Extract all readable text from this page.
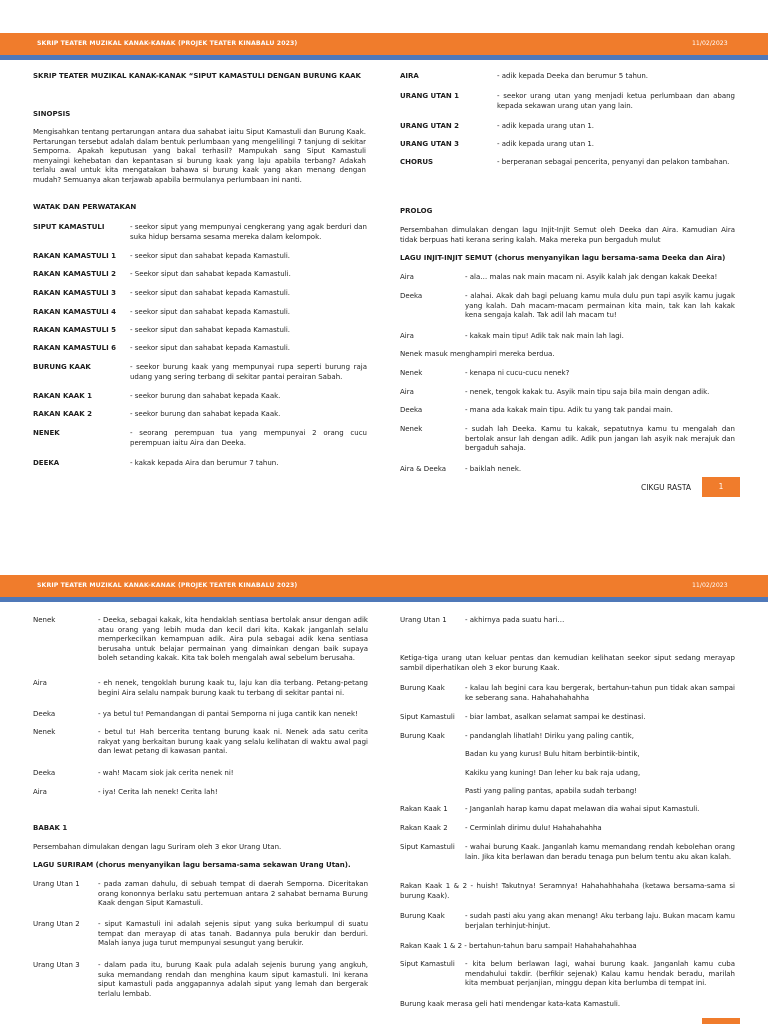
SKRIP TEATER MUZIKAL KANAK-KANAK (PROJEK TEATER KINABALU 2023)	11/02/2023
SKRIP TEATER MUZIKAL KANAK-KANAK “SIPUT KAMASTULI DENGAN BURUNG KAAK
SINOPSIS
Mengisahkan tentang pertarungan antara dua sahabat iaitu Siput Kamastuli dan Burung Kaak. Pertarungan tersebut adalah dalam bentuk perlumbaan yang mengelilingi 7 tanjung di sekitar Semporna. Apakah keputusan yang bakal terhasil? Mampukah sang Siput Kamastuli menyaingi kehebatan dan kepantasan si burung kaak yang laju apabila terbang? Adakah terlalu awal untuk kita mengatakan bahawa si burung kaak yang akan menang dengan mudah? Semuanya akan terjawab apabila bermulanya perlumbaan ini nanti.
WATAK DAN PERWATAKAN
SIPUT KAMASTULI	- seekor siput yang mempunyai cengkerang yang agak berduri dan suka hidup bersama sesama mereka dalam kelompok.
RAKAN KAMASTULI 1 - seekor siput dan sahabat kepada Kamastuli.
RAKAN KAMASTULI 2 - Seekor siput dan sahabat kepada Kamastuli.
RAKAN KAMASTULI 3 - seekor siput dan sahabat kepada Kamastuli.
RAKAN KAMASTULI 4 - seekor siput dan sahabat kepada Kamastuli.
RAKAN KAMASTULI 5 - seekor siput dan sahabat kepada Kamastuli.
RAKAN KAMASTULI 6 - seekor siput dan sahabat kepada Kamastuli.
BURUNG KAAK	- seekor burung kaak yang mempunyai rupa seperti burung raja udang yang sering terbang di sekitar pantai perairan Sabah.
RAKAN KAAK 1	- seekor burung dan sahabat kepada Kaak.
RAKAN KAAK 2	- seekor burung dan sahabat kepada Kaak.
NENEK	- seorang perempuan tua yang mempunyai 2 orang cucu perempuan iaitu Aira dan Deeka.
DEEKA	- kakak kepada Aira dan berumur 7 tahun.
AIRA	- adik kepada Deeka dan berumur 5 tahun.
URANG UTAN 1	- seekor urang utan yang menjadi ketua perlumbaan dan abang kepada sekawan urang utan yang lain.
URANG UTAN 2	- adik kepada urang utan 1.
URANG UTAN 3	- adik kepada urang utan 1.
CHORUS	- berperanan sebagai pencerita, penyanyi dan pelakon tambahan.
PROLOG
Persembahan dimulakan dengan lagu Injit-Injit Semut oleh Deeka dan Aira. Kamudian Aira tidak berpuas hati kerana sering kalah. Maka mereka pun bergaduh mulut
LAGU INJIT-INJIT SEMUT (chorus menyanyikan lagu bersama-sama Deeka dan Aira)
Aira	- ala… malas nak main macam ni. Asyik kalah jak dengan kakak Deeka!
Deeka	- alahai. Akak dah bagi peluang kamu mula dulu pun tapi asyik kamu jugak yang kalah. Dah macam-macam permainan kita main, tak kan lah kakak kena sengaja kalah. Tak adil lah macam tu!
Aira	- kakak main tipu! Adik tak nak main lah lagi.
Nenek masuk menghampiri mereka berdua.
Nenek	- kenapa ni cucu-cucu nenek?
Aira	- nenek, tengok kakak tu. Asyik main tipu saja bila main dengan adik.
Deeka	- mana ada kakak main tipu. Adik tu yang tak pandai main.
Nenek	- sudah lah Deeka. Kamu tu kakak, sepatutnya kamu tu mengalah dan bertolak ansur lah dengan adik. Adik pun jangan lah asyik nak merajuk dan bergaduh sahaja.
Aira & Deeka	- baiklah nenek.
CIKGU RASTA	1
SKRIP TEATER MUZIKAL KANAK-KANAK (PROJEK TEATER KINABALU 2023)	11/02/2023
Nenek	- Deeka, sebagai kakak, kita hendaklah sentiasa bertolak ansur dengan adik atau orang yang lebih muda dan kecil dari kita. Kakak janganlah selalu memperkecilkan kemampuan adik. Aira pula sebagai adik kena sentiasa berusaha untuk belajar permainan yang dimainkan dengan baik supaya boleh setanding kakak. Kita tak boleh mengalah awal sebelum berusaha.
Aira	- eh nenek, tengoklah burung kaak tu, laju kan dia terbang. Petang-petang begini Aira selalu nampak burung kaak tu terbang di sekitar pantai ni.
Deeka	- ya betul tu! Pemandangan di pantai Semporna ni juga cantik kan nenek!
Nenek	- betul tu! Hah bercerita tentang burung kaak ni. Nenek ada satu cerita rakyat yang berkaitan burung kaak yang selalu kelihatan di waktu awal pagi dan lewat petang di kawasan pantai.
Deeka	- wah! Macam siok jak cerita nenek ni!
Aira	- iya! Cerita lah nenek! Cerita lah!
BABAK 1
Persembahan dimulakan dengan lagu Suriram oleh 3 ekor Urang Utan.
LAGU SURIRAM (chorus menyanyikan lagu bersama-sama sekawan Urang Utan).
Urang Utan 1	- pada zaman dahulu, di sebuah tempat di daerah Semporna. Diceritakan orang kononnya berlaku satu pertemuan antara 2 sahabat bernama Burung Kaak dengan Siput Kamastuli.
Urang Utan 2	- siput Kamastuli ini adalah sejenis siput yang suka berkumpul di suatu tempat dan merayap di atas tanah. Badannya pula berukir dan berduri. Malah ianya juga turut mempunyai sesungut yang berukir.
Urang Utan 3	- dalam pada itu, burung Kaak pula adalah sejenis burung yang angkuh, suka memandang rendah dan menghina kaum siput kamastuli. Ini kerana siput kamastuli pada anggapannya adalah siput yang lemah dan bergerak terlalu lembab.
Urang Utan 1	- akhirnya pada suatu hari…
Ketiga-tiga urang utan keluar pentas dan kemudian kelihatan seekor siput sedang merayap sambil diperhatikan oleh 3 ekor burung Kaak.
Burung Kaak	- kalau lah begini cara kau bergerak, bertahun-tahun pun tidak akan sampai ke seberang sana. Hahahahahahha
Siput Kamastuli - biar lambat, asalkan selamat sampai ke destinasi.
Burung Kaak	- pandanglah lihatlah! Diriku yang paling cantik,
Badan ku yang kurus! Bulu hitam berbintik-bintik,
Kakiku yang kuning! Dan leher ku bak raja udang,
Pasti yang paling pantas, apabila sudah terbang!
Rakan Kaak 1 - Janganlah harap kamu dapat melawan dia wahai siput Kamastuli.
Rakan Kaak 2 - Cerminlah dirimu dulu! Hahahahahha
Siput Kamastuli - wahai burung Kaak. Janganlah kamu memandang rendah kebolehan orang lain. Jika kita berlawan dan beradu tenaga pun belum tentu aku akan kalah.
Rakan Kaak 1 & 2 - huish! Takutnya! Seramnya! Hahahahhahaha (ketawa bersama-sama si burung Kaak).
Burung Kaak	- sudah pasti aku yang akan menang! Aku terbang laju. Bukan macam kamu berjalan terhinjut-hinjut.
Rakan Kaak 1 & 2 - bertahun-tahun baru sampai! Hahahahahahhaa
Siput Kamastuli - kita belum berlawan lagi, wahai burung kaak. Janganlah kamu cuba mendahului takdir. (berfikir sejenak) Kalau kamu hendak beradu, marilah kita membuat perjanjian, minggu depan kita berlumba di tempat ini.
Burung kaak merasa geli hati mendengar kata-kata Kamastuli.
